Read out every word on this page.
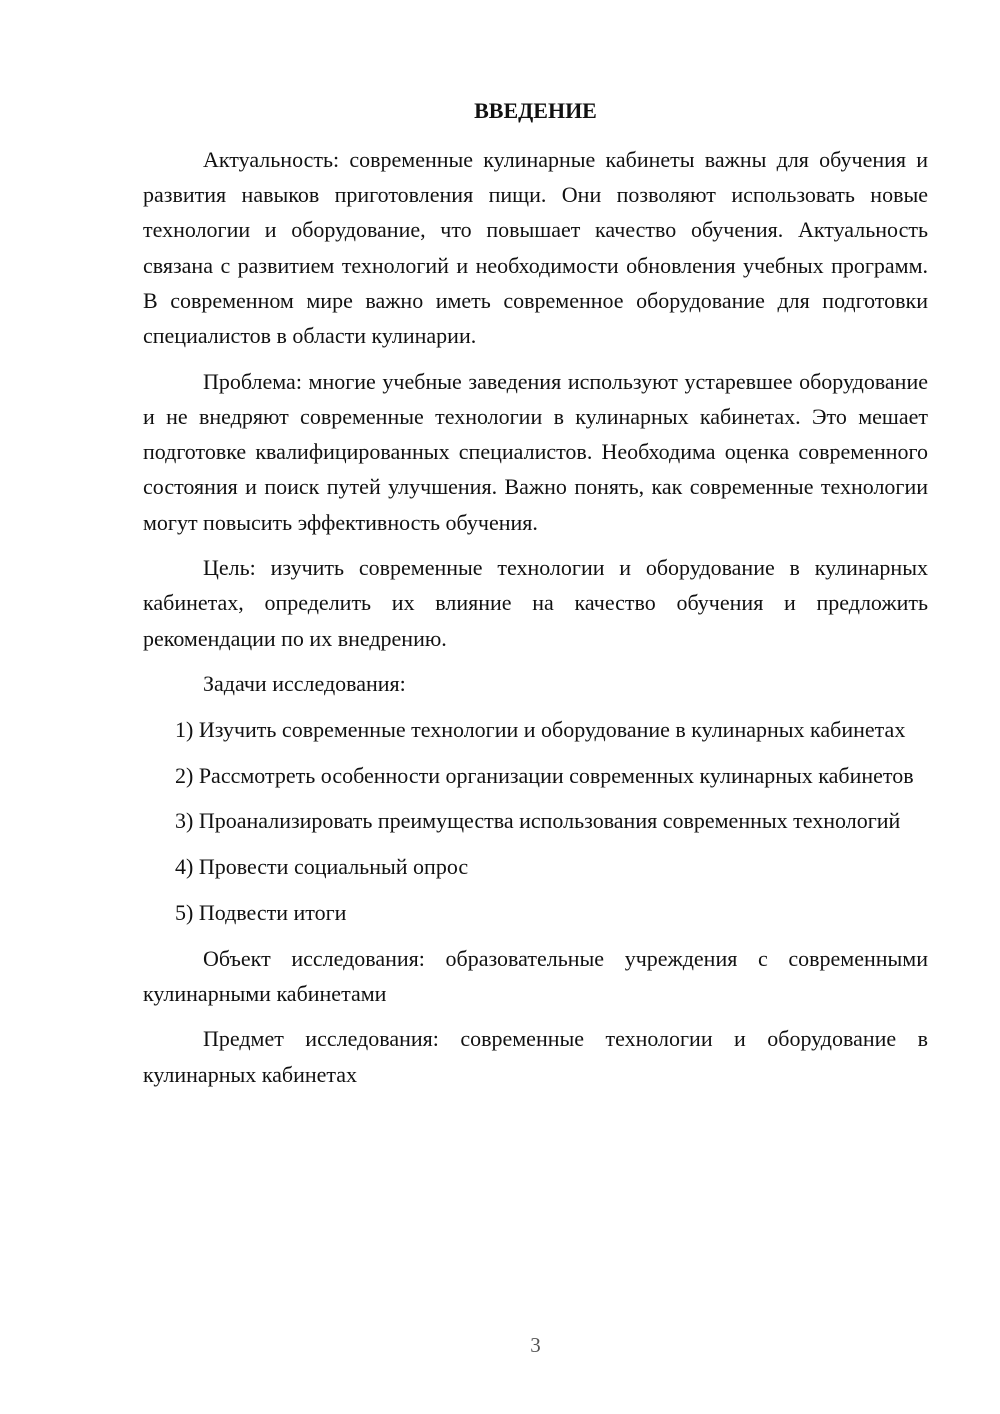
ВВЕДЕНИЕ

Актуальность: современные кулинарные кабинеты важны для обучения и развития навыков приготовления пищи. Они позволяют использовать новые технологии и оборудование, что повышает качество обучения. Актуальность связана с развитием технологий и необходимости обновления учебных программ. В современном мире важно иметь современное оборудование для подготовки специалистов в области кулинарии.

Проблема: многие учебные заведения используют устаревшее оборудование и не внедряют современные технологии в кулинарных кабинетах. Это мешает подготовке квалифицированных специалистов. Необходима оценка современного состояния и поиск путей улучшения. Важно понять, как современные технологии могут повысить эффективность обучения.

Цель: изучить современные технологии и оборудование в кулинарных кабинетах, определить их влияние на качество обучения и предложить рекомендации по их внедрению.

Задачи исследования:

1) Изучить современные технологии и оборудование в кулинарных кабинетах

2) Рассмотреть особенности организации современных кулинарных кабинетов

3) Проанализировать преимущества использования современных технологий

4) Провести социальный опрос

5) Подвести итоги

Объект исследования: образовательные учреждения с современными кулинарными кабинетами

Предмет исследования: современные технологии и оборудование в кулинарных кабинетах

3
